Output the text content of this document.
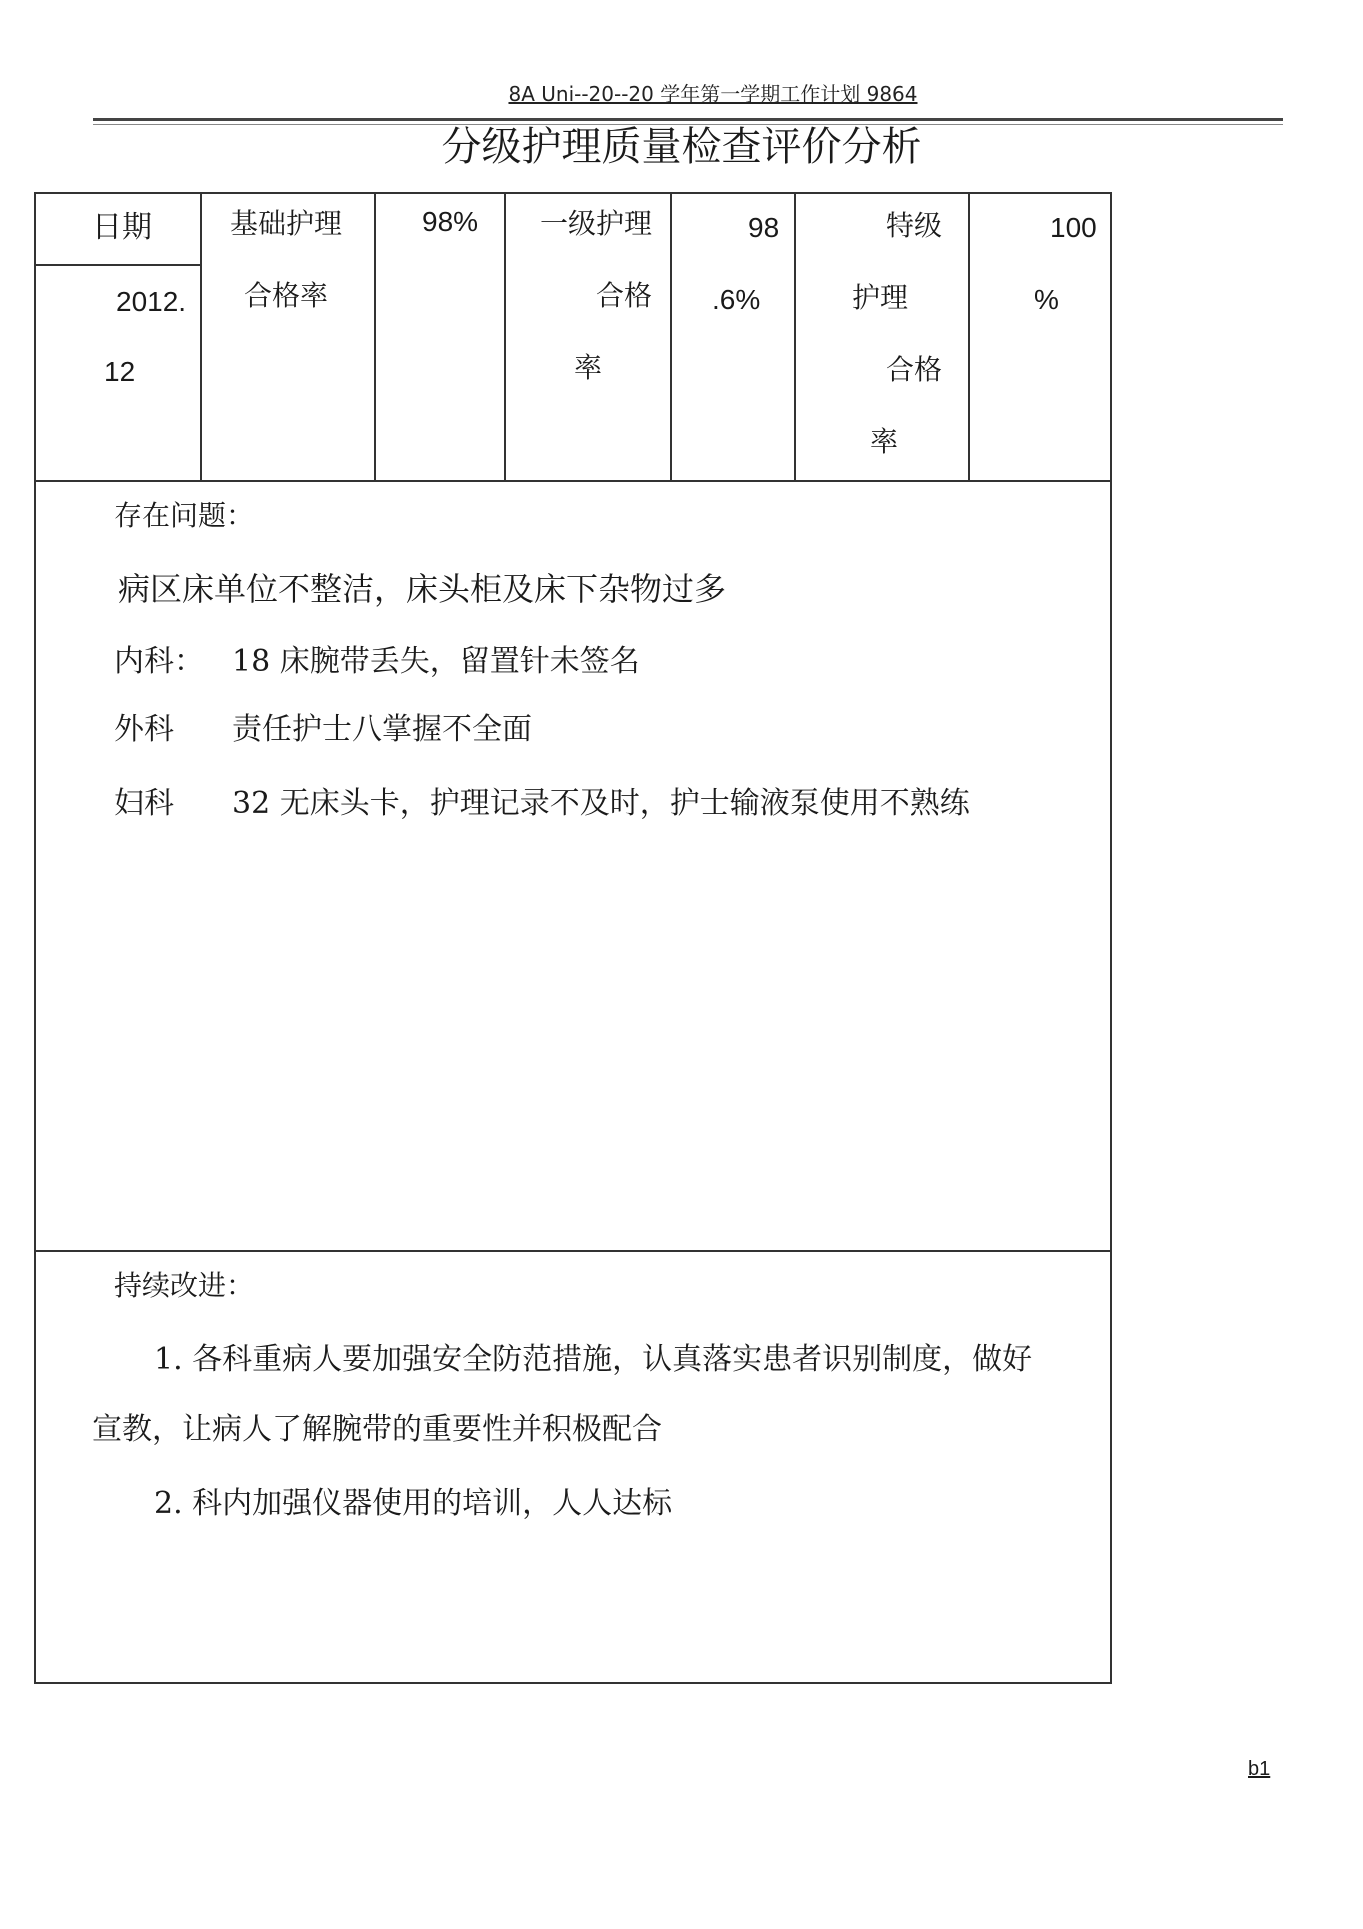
8A Uni--20--20 学年第一学期工作计划 9864
分级护理质量检查评价分析
日期
2012.
12
基础护理
合格率
98% 一级护理
合格
率
98
.6%
特级
护理
合格
率
100
%
存在问题：
病区床单位不整洁，床头柜及床下杂物过多
内科： 18 床腕带丢失，留置针未签名
外科 责任护士八掌握不全面
妇科 32 无床头卡，护理记录不及时，护士输液泵使用不熟练
持续改进：
1. 各科重病人要加强安全防范措施，认真落实患者识别制度，做好
宣教，让病人了解腕带的重要性并积极配合
2. 科内加强仪器使用的培训，人人达标
b1
